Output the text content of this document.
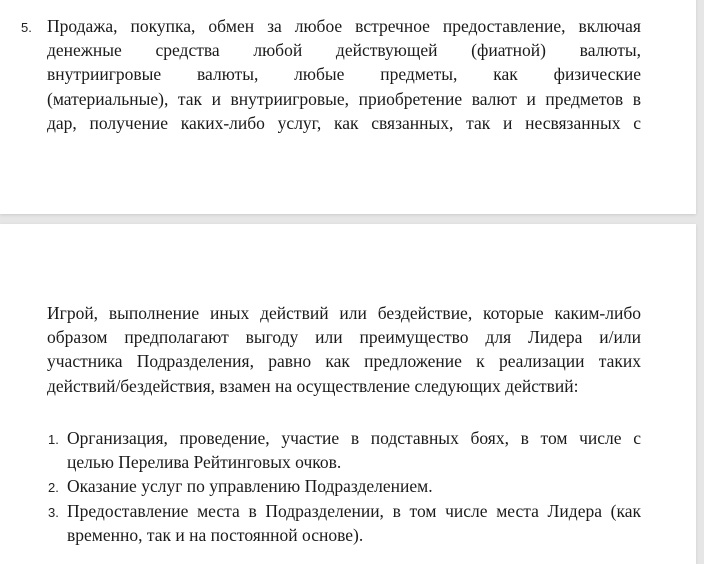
5. Продажа, покупка, обмен за любое встречное предоставление, включая
денежные средства любой действующей (фиатной) валюты,
внутриигровые валюты, любые предметы, как физические
(материальные), так и внутриигровые, приобретение валют и предметов в
дар, получение каких-либо услуг, как связанных, так и несвязанных с
Игрой, выполнение иных действий или бездействие, которые каким-либо
образом предполагают выгоду или преимущество для Лидера и/или
участника Подразделения, равно как предложение к реализации таких
действий/бездействия, взамен на осуществление следующих действий:
1. Организация, проведение, участие в подставных боях, в том числе с
целью Перелива Рейтинговых очков.
2. Оказание услуг по управлению Подразделением.
3. Предоставление места в Подразделении, в том числе места Лидера (как
временно, так и на постоянной основе).
